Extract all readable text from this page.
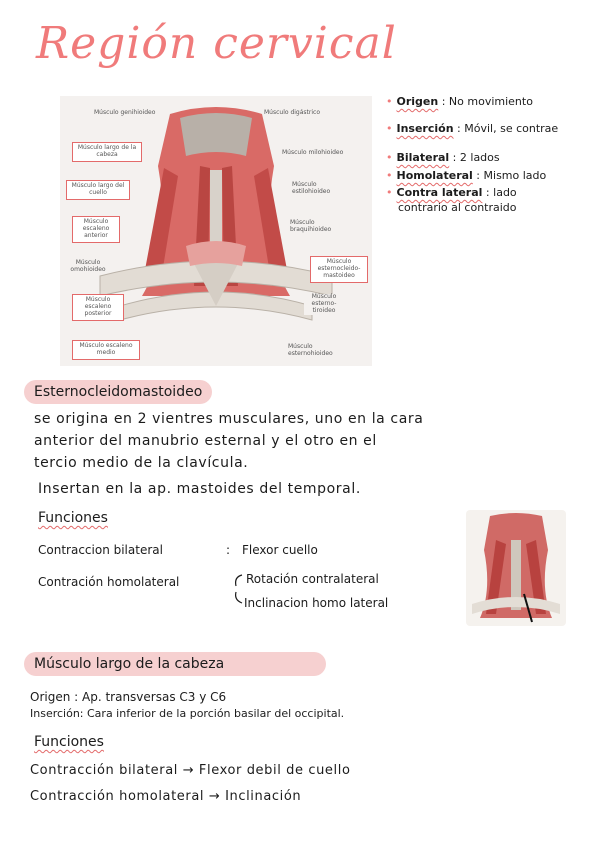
Región cervical
• Origen : No movimiento
• Inserción : Móvil, se contrae
• Bilateral : 2 lados
• Homolateral : Mismo lado
• Contra lateral : lado
contrario al contraido
Músculo genihioideo	Músculo digástrico
Músculo largo de la cabeza	Músculo milohioideo
Músculo largo del cuello
Músculo estilohioideo
Músculo escaleno anterior
Músculo braquihioideo
Músculo omohioideo
Músculo esternocleido-mastoideo
Músculo escaleno posterior
Músculo esterno-tiroideo
Músculo escaleno medio
Músculo esternohioideo
Esternocleidomastoideo
se origina en 2 vientres musculares, uno en la cara
anterior del manubrio esternal y el otro en el
tercio medio de la clavícula.
Insertan en la ap. mastoides del temporal.
Funciones
Contraccion bilateral	: Flexor cuello
Contración homolateral	Rotación contralateral
Inclinacion homo lateral
Músculo largo de la cabeza
Origen : Ap. transversas C3 y C6
Inserción: Cara inferior de la porción basilar del occipital.
Funciones
Contracción bilateral → Flexor debil de cuello
Contracción homolateral → Inclinación
